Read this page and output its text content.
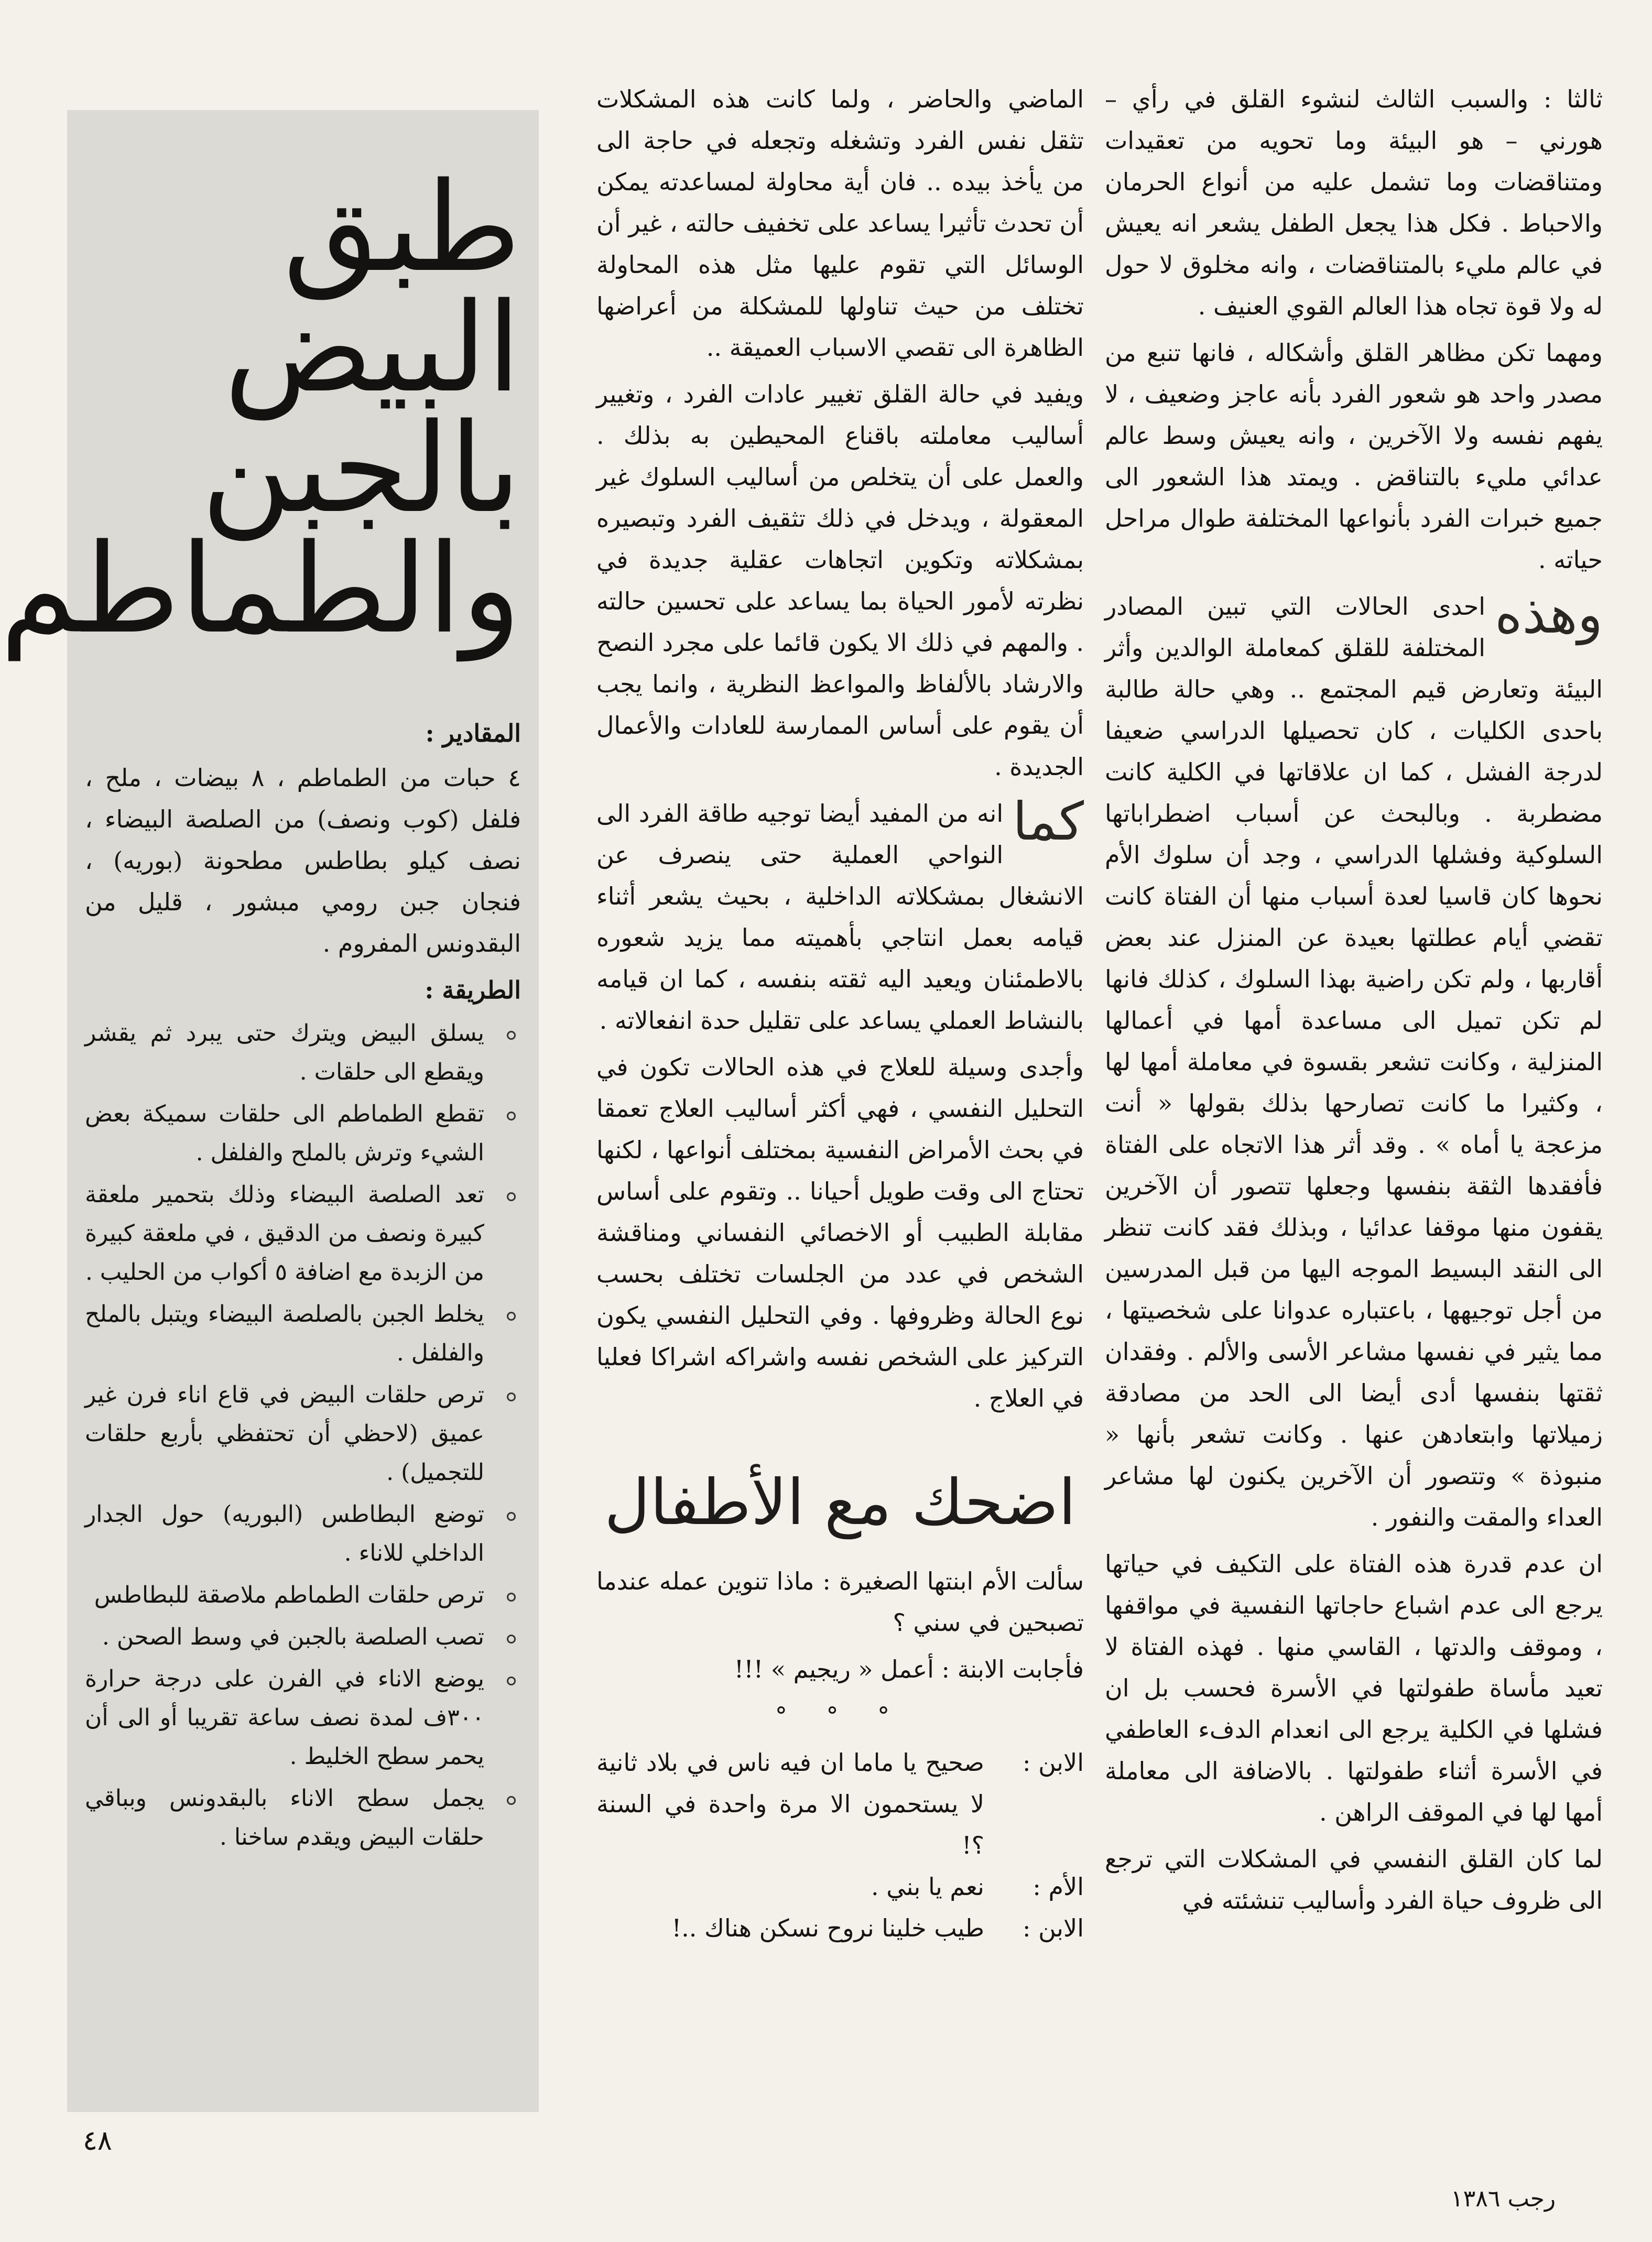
ثالثا : والسبب الثالث لنشوء القلق في رأي – هورني – هو البيئة وما تحويه من تعقيدات ومتناقضات وما تشمل عليه من أنواع الحرمان والاحباط . فكل هذا يجعل الطفل يشعر انه يعيش في عالم مليء بالمتناقضات ، وانه مخلوق لا حول له ولا قوة تجاه هذا العالم القوي العنيف .

ومهما تكن مظاهر القلق وأشكاله ، فانها تنبع من مصدر واحد هو شعور الفرد بأنه عاجز وضعيف ، لا يفهم نفسه ولا الآخرين ، وانه يعيش وسط عالم عدائي مليء بالتناقض . ويمتد هذا الشعور الى جميع خبرات الفرد بأنواعها المختلفة طوال مراحل حياته .

وهذه
احدى الحالات التي تبين المصادر المختلفة للقلق كمعاملة الوالدين وأثر البيئة وتعارض قيم المجتمع .. وهي حالة طالبة باحدى الكليات ، كان تحصيلها الدراسي ضعيفا لدرجة الفشل ، كما ان علاقاتها في الكلية كانت مضطربة . وبالبحث عن أسباب اضطراباتها السلوكية وفشلها الدراسي ، وجد أن سلوك الأم نحوها كان قاسيا لعدة أسباب منها أن الفتاة كانت تقضي أيام عطلتها بعيدة عن المنزل عند بعض أقاربها ، ولم تكن راضية بهذا السلوك ، كذلك فانها لم تكن تميل الى مساعدة أمها في أعمالها المنزلية ، وكانت تشعر بقسوة في معاملة أمها لها ، وكثيرا ما كانت تصارحها بذلك بقولها « أنت مزعجة يا أماه » . وقد أثر هذا الاتجاه على الفتاة فأفقدها الثقة بنفسها وجعلها تتصور أن الآخرين يقفون منها موقفا عدائيا ، وبذلك فقد كانت تنظر الى النقد البسيط الموجه اليها من قبل المدرسين من أجل توجيهها ، باعتباره عدوانا على شخصيتها ، مما يثير في نفسها مشاعر الأسى والألم . وفقدان ثقتها بنفسها أدى أيضا الى الحد من مصادقة زميلاتها وابتعادهن عنها . وكانت تشعر بأنها « منبوذة » وتتصور أن الآخرين يكنون لها مشاعر العداء والمقت والنفور .

ان عدم قدرة هذه الفتاة على التكيف في حياتها يرجع الى عدم اشباع حاجاتها النفسية في مواقفها ، وموقف والدتها ، القاسي منها . فهذه الفتاة لا تعيد مأساة طفولتها في الأسرة فحسب بل ان فشلها في الكلية يرجع الى انعدام الدفء العاطفي في الأسرة أثناء طفولتها . بالاضافة الى معاملة أمها لها في الموقف الراهن .

لما كان القلق النفسي في المشكلات التي ترجع الى ظروف حياة الفرد وأساليب تنشئته في

الماضي والحاضر ، ولما كانت هذه المشكلات تثقل نفس الفرد وتشغله وتجعله في حاجة الى من يأخذ بيده .. فان أية محاولة لمساعدته يمكن أن تحدث تأثيرا يساعد على تخفيف حالته ، غير أن الوسائل التي تقوم عليها مثل هذه المحاولة تختلف من حيث تناولها للمشكلة من أعراضها الظاهرة الى تقصي الاسباب العميقة ..

ويفيد في حالة القلق تغيير عادات الفرد ، وتغيير أساليب معاملته باقناع المحيطين به بذلك . والعمل على أن يتخلص من أساليب السلوك غير المعقولة ، ويدخل في ذلك تثقيف الفرد وتبصيره بمشكلاته وتكوين اتجاهات عقلية جديدة في نظرته لأمور الحياة بما يساعد على تحسين حالته . والمهم في ذلك الا يكون قائما على مجرد النصح والارشاد بالألفاظ والمواعظ النظرية ، وانما يجب أن يقوم على أساس الممارسة للعادات والأعمال الجديدة .

كما
انه من المفيد أيضا توجيه طاقة الفرد الى النواحي العملية حتى ينصرف عن الانشغال بمشكلاته الداخلية ، بحيث يشعر أثناء قيامه بعمل انتاجي بأهميته مما يزيد شعوره بالاطمئنان ويعيد اليه ثقته بنفسه ، كما ان قيامه بالنشاط العملي يساعد على تقليل حدة انفعالاته .

وأجدى وسيلة للعلاج في هذه الحالات تكون في التحليل النفسي ، فهي أكثر أساليب العلاج تعمقا في بحث الأمراض النفسية بمختلف أنواعها ، لكنها تحتاج الى وقت طويل أحيانا .. وتقوم على أساس مقابلة الطبيب أو الاخصائي النفساني ومناقشة الشخص في عدد من الجلسات تختلف بحسب نوع الحالة وظروفها . وفي التحليل النفسي يكون التركيز على الشخص نفسه واشراكه اشراكا فعليا في العلاج .

اضحك مع الأطفال

سألت الأم ابنتها الصغيرة : ماذا تنوين عمله عندما تصبحين في سني ؟

فأجابت الابنة : أعمل « ريجيم » !!!

° ° °
الابن :
صحيح يا ماما ان فيه ناس في بلاد ثانية لا يستحمون الا مرة واحدة في السنة ؟!
الأم :
نعم يا بني .
الابن :
طيب خلينا نروح نسكن هناك ..!
طبق
البيض
بالجبن
والطماطم
المقادير :

٤ حبات من الطماطم ، ٨ بيضات ، ملح ، فلفل (كوب ونصف) من الصلصة البيضاء ، نصف كيلو بطاطس مطحونة (بوريه) ، فنجان جبن رومي مبشور ، قليل من البقدونس المفروم .

الطريقة :
يسلق البيض ويترك حتى يبرد ثم يقشر ويقطع الى حلقات .
تقطع الطماطم الى حلقات سميكة بعض الشيء وترش بالملح والفلفل .
تعد الصلصة البيضاء وذلك بتحمير ملعقة كبيرة ونصف من الدقيق ، في ملعقة كبيرة من الزبدة مع اضافة ٥ أكواب من الحليب .
يخلط الجبن بالصلصة البيضاء ويتبل بالملح والفلفل .
ترص حلقات البيض في قاع اناء فرن غير عميق (لاحظي أن تحتفظي بأربع حلقات للتجميل) .
توضع البطاطس (البوريه) حول الجدار الداخلي للاناء .
ترص حلقات الطماطم ملاصقة للبطاطس
تصب الصلصة بالجبن في وسط الصحن .
يوضع الاناء في الفرن على درجة حرارة ٣٠٠ف لمدة نصف ساعة تقريبا أو الى أن يحمر سطح الخليط .
يجمل سطح الاناء بالبقدونس وبباقي حلقات البيض ويقدم ساخنا .
٤٨
رجب ١٣٨٦
